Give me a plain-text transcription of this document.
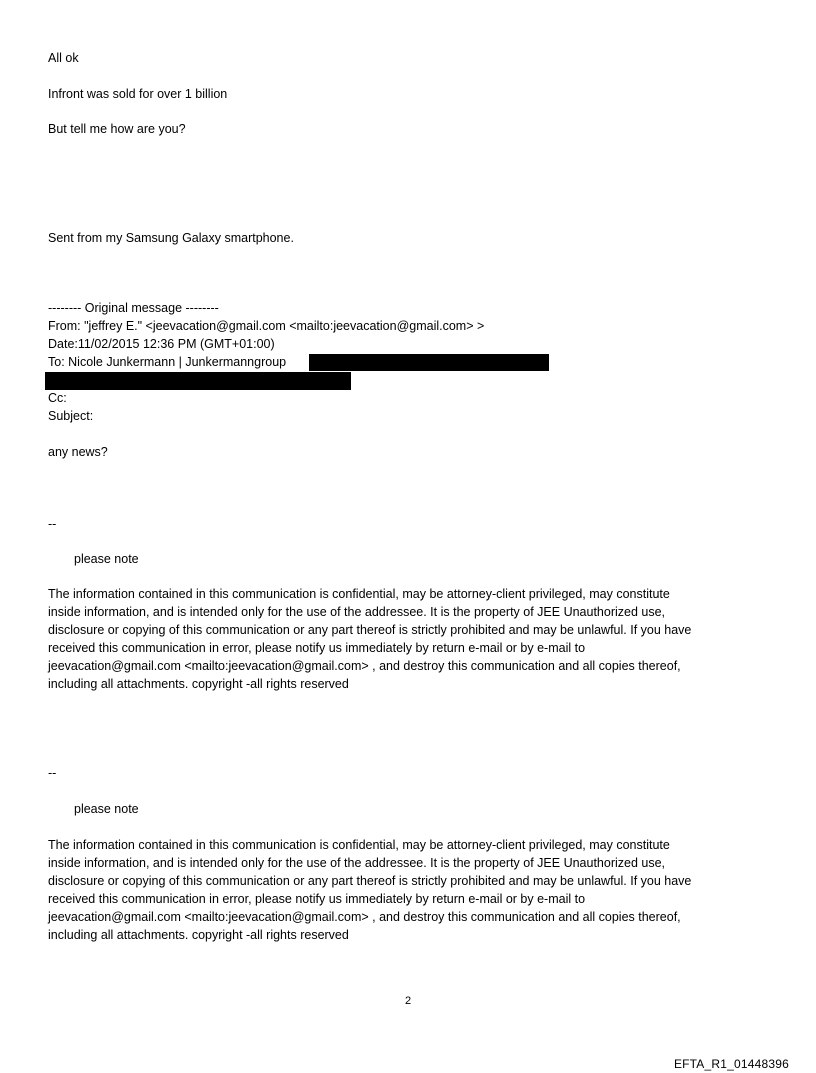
All ok

Infront was sold for over 1 billion

But tell me how are you?

Sent from my Samsung Galaxy smartphone.

-------- Original message --------

From: "jeffrey E." <jeevacation@gmail.com <mailto:jeevacation@gmail.com> >

Date:11/02/2015 12:36 PM (GMT+01:00)

To: Nicole Junkermann | Junkermanngroup

Cc:

Subject:

any news?

--

please note

The information contained in this communication is confidential, may be attorney-client privileged, may constitute
inside information, and is intended only for the use of the addressee. It is the property of JEE Unauthorized use,
disclosure or copying of this communication or any part thereof is strictly prohibited and may be unlawful. If you have
received this communication in error, please notify us immediately by return e-mail or by e-mail to
jeevacation@gmail.com <mailto:jeevacation@gmail.com> , and destroy this communication and all copies thereof,
including all attachments. copyright -all rights reserved

--

please note

The information contained in this communication is confidential, may be attorney-client privileged, may constitute
inside information, and is intended only for the use of the addressee. It is the property of JEE Unauthorized use,
disclosure or copying of this communication or any part thereof is strictly prohibited and may be unlawful. If you have
received this communication in error, please notify us immediately by return e-mail or by e-mail to
jeevacation@gmail.com <mailto:jeevacation@gmail.com> , and destroy this communication and all copies thereof,
including all attachments. copyright -all rights reserved
2
EFTA_R1_01448396
